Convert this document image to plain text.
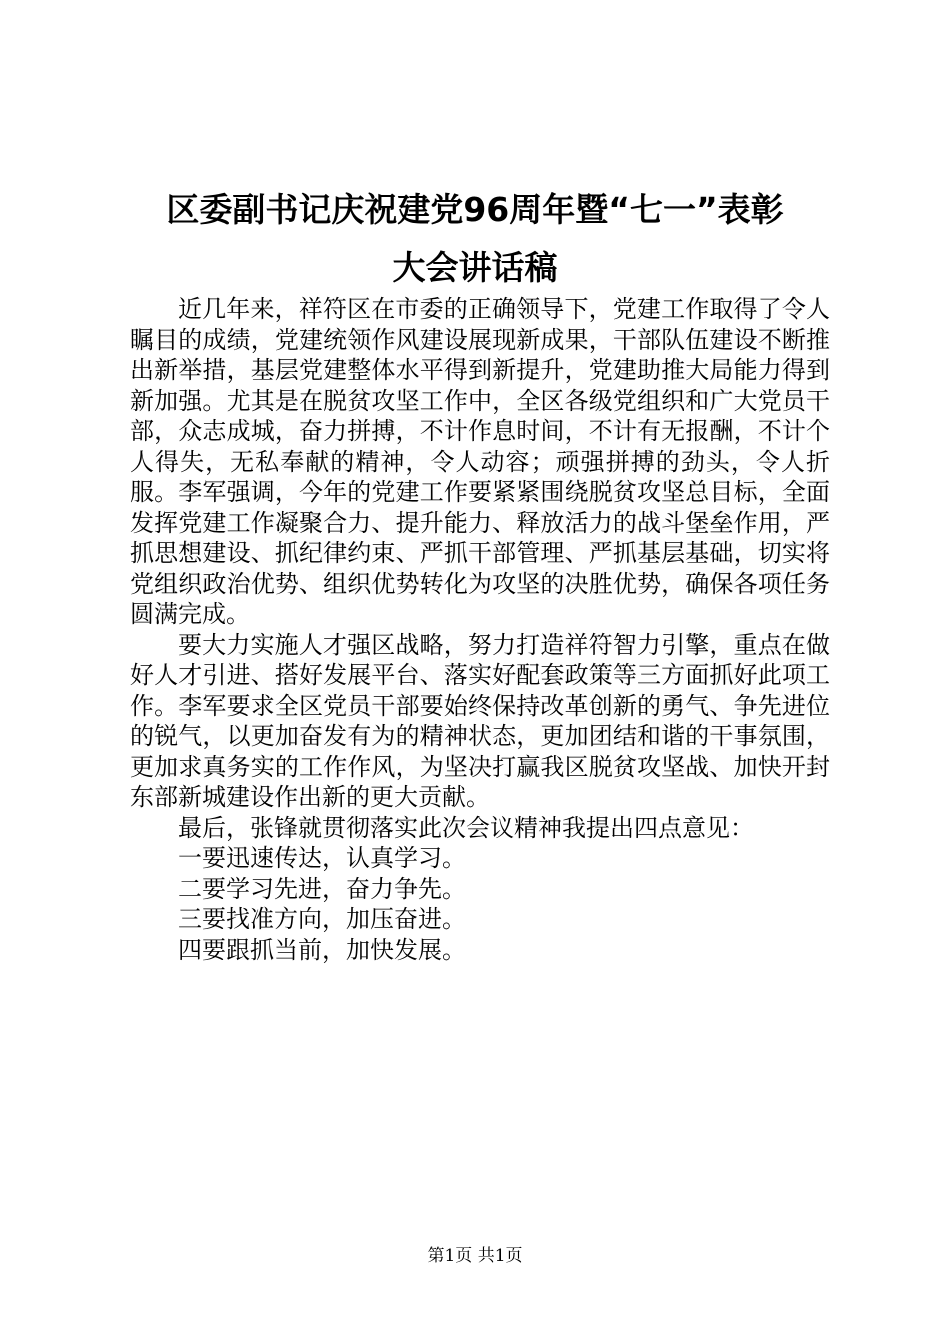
区委副书记庆祝建党96周年暨“七一”表彰
大会讲话稿

近几年来，祥符区在市委的正确领导下，党建工作取得了令人瞩目的成绩，党建统领作风建设展现新成果，干部队伍建设不断推出新举措，基层党建整体水平得到新提升，党建助推大局能力得到新加强。尤其是在脱贫攻坚工作中，全区各级党组织和广大党员干部，众志成城，奋力拼搏，不计作息时间，不计有无报酬，不计个人得失，无私奉献的精神，令人动容；顽强拼搏的劲头，令人折服。李军强调，今年的党建工作要紧紧围绕脱贫攻坚总目标，全面发挥党建工作凝聚合力、提升能力、释放活力的战斗堡垒作用，严抓思想建设、抓纪律约束、严抓干部管理、严抓基层基础，切实将党组织政治优势、组织优势转化为攻坚的决胜优势，确保各项任务圆满完成。

要大力实施人才强区战略，努力打造祥符智力引擎，重点在做好人才引进、搭好发展平台、落实好配套政策等三方面抓好此项工作。李军要求全区党员干部要始终保持改革创新的勇气、争先进位的锐气，以更加奋发有为的精神状态，更加团结和谐的干事氛围，更加求真务实的工作作风，为坚决打赢我区脱贫攻坚战、加快开封东部新城建设作出新的更大贡献。

最后，张锋就贯彻落实此次会议精神我提出四点意见：

一要迅速传达，认真学习。

二要学习先进，奋力争先。

三要找准方向，加压奋进。

四要跟抓当前，加快发展。

第1页 共1页
